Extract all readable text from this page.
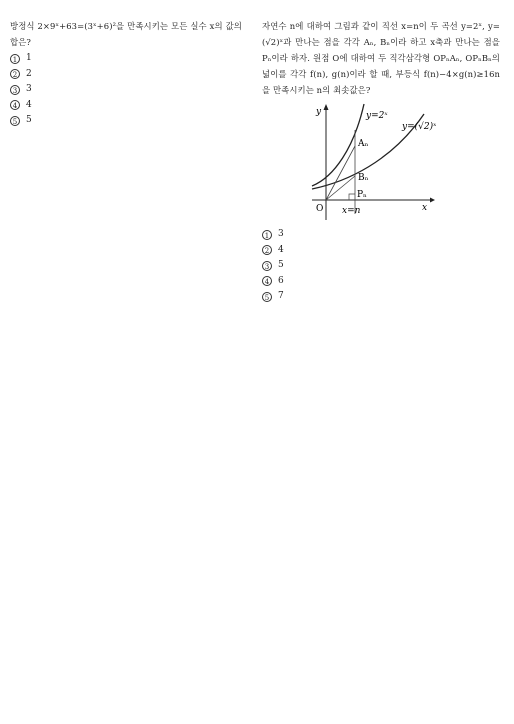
방정식 2×9ˣ+63=(3ˣ+6)²을 만족시키는 모든 실수 x의 값의 합은?
1 1
2 2
3 3
4 4
5 5
자연수 n에 대하여 그림과 같이 직선 x=n이 두 곡선 y=2ˣ, y=(√2)ˣ과 만나는 점을 각각 Aₙ, Bₙ이라 하고 x축과 만나는 점을 Pₙ이라 하자. 원점 O에 대하여 두 직각삼각형 OPₙAₙ, OPₙBₙ의 넓이를 각각 f(n), g(n)이라 할 때, 부등식 f(n)−4×g(n)≥16n을 만족시키는 n의 최솟값은?
y
x
O
y=2ˣ
y=(√2)ˣ
Aₙ
Bₙ
Pₙ
x=n
1 3
2 4
3 5
4 6
5 7
